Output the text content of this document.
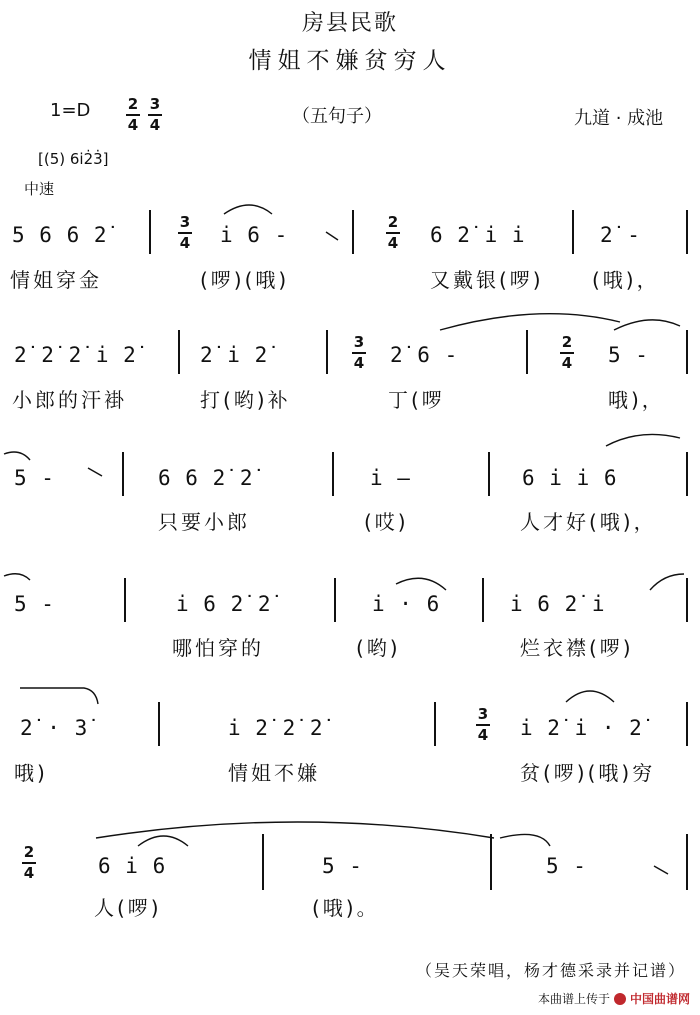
房县民歌
情姐不嫌贫穷人
1=D 2
4
3
4	（五句子）	九道 · 成池
[(5) 6i2̇3̇]
中速
5 6 6 2̇
3
4 i 6 -
2
4 6 2̇ i i	2̇ -
情姐穿金	(啰)(哦)	又戴银(啰) (哦)，
2̇ 2̇ 2̇ i 2̇	2̇ i 2̇
3
4 2̇ 6 -
2
4 5 -
小郎的汗褂	打(哟)补	丁(啰	哦)，
5 -	6 6 2̇ 2̇	i —	6 i i 6
只要小郎	(哎)	人才好(哦)，
5 -	i 6 2̇ 2̇	i · 6	i 6 2̇ i
哪怕穿的	(哟)	烂衣襟(啰)
2̇ · 3̇	i 2̇ 2̇ 2̇
3
4 i 2̇ i · 2̇
哦)	情姐不嫌	贫(啰)(哦)穷
2
4	6 i 6	5 -	5 -
人(啰)	(哦)。
（吴天荣唱，杨才德采录并记谱）
本曲谱上传于 中国曲谱网
